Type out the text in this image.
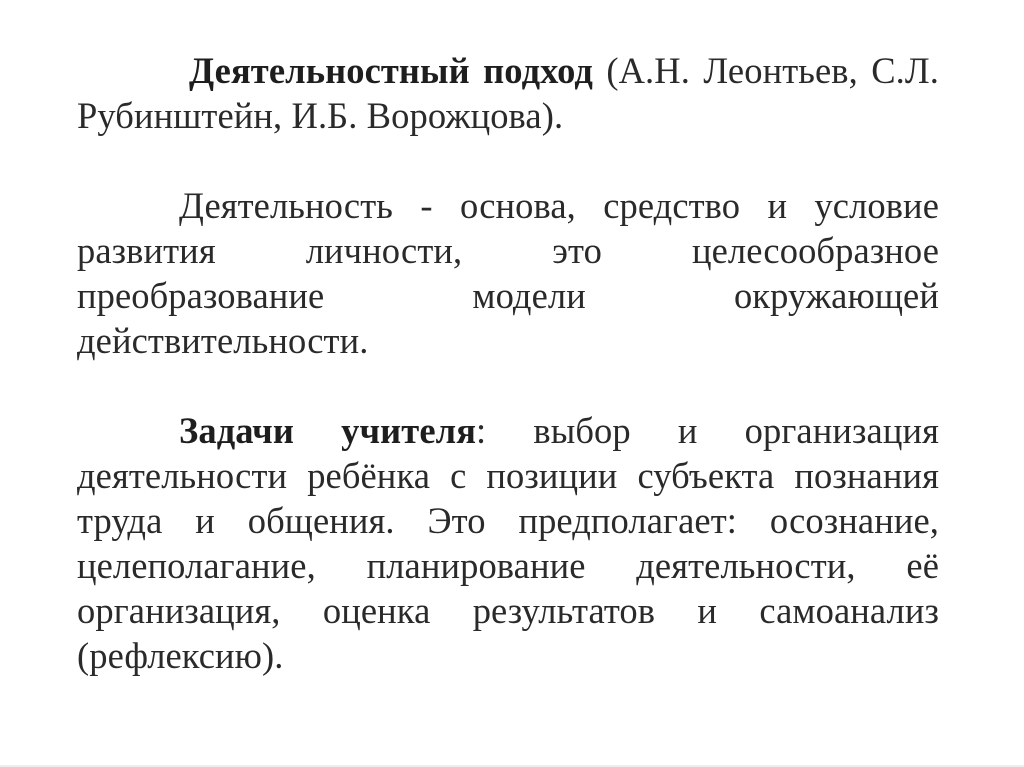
Деятельностный подход (А.Н. Леонтьев, С.Л. Рубинштейн, И.Б. Ворожцова).

Деятельность - основа, средство и условие развития личности, это целесообразное преобразование модели окружающей действительности.

Задачи учителя: выбор и организация деятельности ребёнка с позиции субъекта познания труда и общения. Это предполагает: осознание, целеполагание, планирование деятельности, её организация, оценка результатов и самоанализ (рефлексию).
